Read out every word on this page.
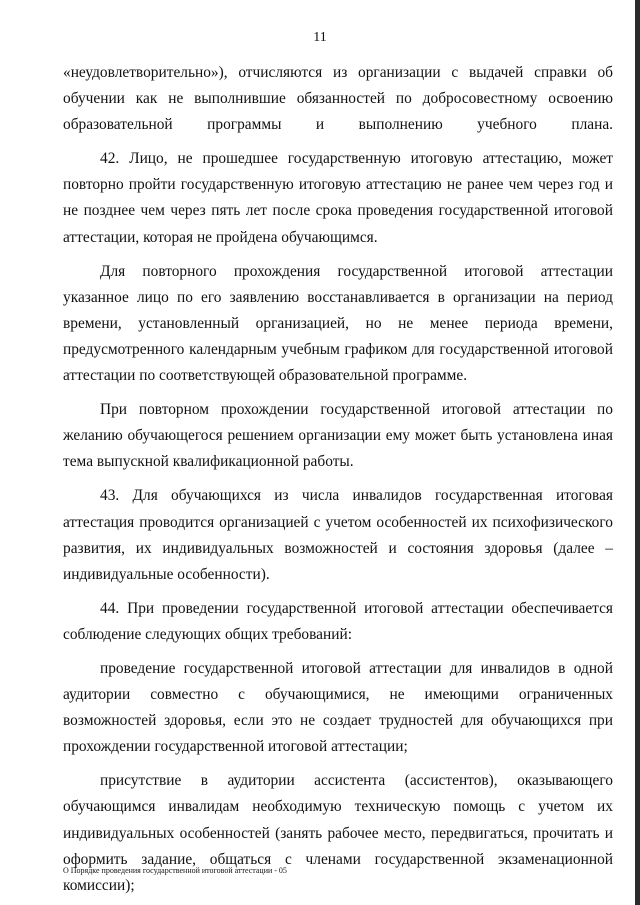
11

«неудовлетворительно»), отчисляются из организации с выдачей справки об обучении как не выполнившие обязанностей по добросовестному освоению образовательной программы и выполнению учебного плана.

42. Лицо, не прошедшее государственную итоговую аттестацию, может повторно пройти государственную итоговую аттестацию не ранее чем через год и не позднее чем через пять лет после срока проведения государственной итоговой аттестации, которая не пройдена обучающимся.

Для повторного прохождения государственной итоговой аттестации указанное лицо по его заявлению восстанавливается в организации на период времени, установленный организацией, но не менее периода времени, предусмотренного календарным учебным графиком для государственной итоговой аттестации по соответствующей образовательной программе.

При повторном прохождении государственной итоговой аттестации по желанию обучающегося решением организации ему может быть установлена иная тема выпускной квалификационной работы.

43. Для обучающихся из числа инвалидов государственная итоговая аттестация проводится организацией с учетом особенностей их психофизического развития, их индивидуальных возможностей и состояния здоровья (далее – индивидуальные особенности).

44. При проведении государственной итоговой аттестации обеспечивается соблюдение следующих общих требований:

проведение государственной итоговой аттестации для инвалидов в одной аудитории совместно с обучающимися, не имеющими ограниченных возможностей здоровья, если это не создает трудностей для обучающихся при прохождении государственной итоговой аттестации;

присутствие в аудитории ассистента (ассистентов), оказывающего обучающимся инвалидам необходимую техническую помощь с учетом их индивидуальных особенностей (занять рабочее место, передвигаться, прочитать и оформить задание, общаться с членами государственной экзаменационной комиссии);

О Порядке проведения государственной итоговой аттестации - 05
